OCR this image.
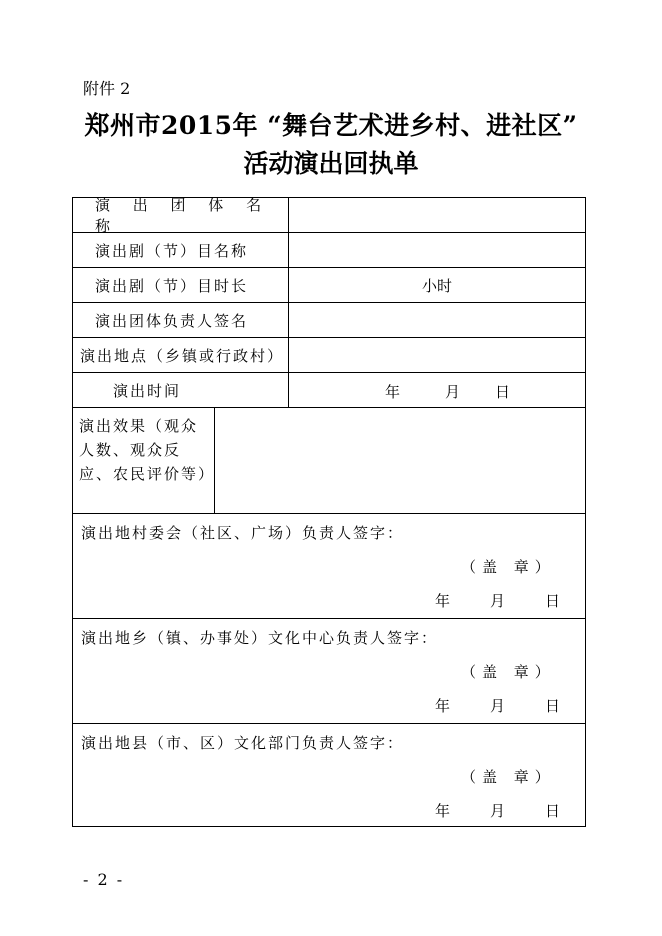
附件 2
郑州市2015年 “舞台艺术进乡村、进社区”
活动演出回执单
演 出 团 体 名 称
演出剧（节）目名称
演出剧（节）目时长	小时
演出团体负责人签名
演出地点（乡镇或行政村）
演出时间	年	月 日
演出效果（观众人数、观众反应、农民评价等）
演出地村委会（社区、广场）负责人签字：
（盖 章）
年	月	日
演出地乡（镇、办事处）文化中心负责人签字：
（盖 章）
年	月	日
演出地县（市、区）文化部门负责人签字：
（盖 章）
年	月	日
- 2 -
